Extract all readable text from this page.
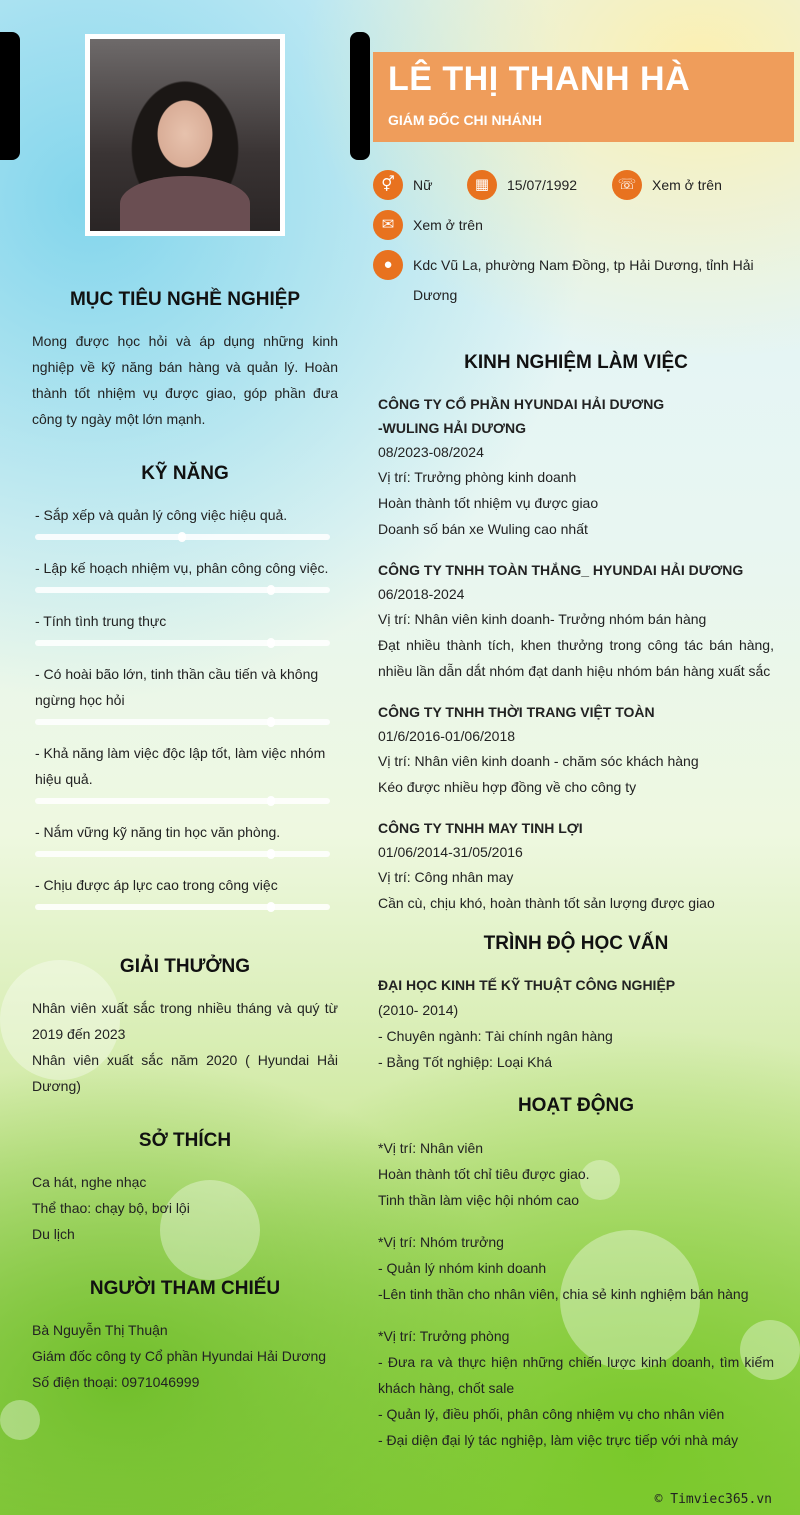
LÊ THỊ THANH HÀ
GIÁM ĐỐC CHI NHÁNH
⚥	Nữ	▦	15/07/1992	☏	Xem ở trên
✉	Xem ở trên
●	Kdc Vũ La, phường Nam Đồng, tp Hải Dương, tỉnh Hải
Dương
MỤC TIÊU NGHỀ NGHIỆP
Mong được học hỏi và áp dụng những kinh nghiệp về kỹ năng bán hàng và quản lý. Hoàn thành tốt nhiệm vụ được giao, góp phần đưa công ty ngày một lớn mạnh.
KỸ NĂNG
- Sắp xếp và quản lý công việc hiệu quả.
- Lập kế hoạch nhiệm vụ, phân công công việc.
- Tính tình trung thực
- Có hoài bão lớn, tinh thần cầu tiến và không
ngừng học hỏi
- Khả năng làm việc độc lập tốt, làm việc nhóm
hiệu quả.
- Nắm vững kỹ năng tin học văn phòng.
- Chịu được áp lực cao trong công việc
GIẢI THƯỞNG
Nhân viên xuất sắc trong nhiều tháng và quý từ 2019 đến 2023
Nhân viên xuất sắc năm 2020 ( Hyundai Hải Dương)
SỞ THÍCH
Ca hát, nghe nhạc
Thể thao: chạy bộ, bơi lội
Du lịch
NGƯỜI THAM CHIẾU
Bà Nguyễn Thị Thuận
Giám đốc công ty Cổ phần Hyundai Hải Dương
Số điện thoại: 0971046999
KINH NGHIỆM LÀM VIỆC
CÔNG TY CỔ PHẦN HYUNDAI HẢI DƯƠNG
-WULING HẢI DƯƠNG
08/2023-08/2024
Vị trí: Trưởng phòng kinh doanh
Hoàn thành tốt nhiệm vụ được giao
Doanh số bán xe Wuling cao nhất
CÔNG TY TNHH TOÀN THẮNG_ HYUNDAI HẢI DƯƠNG
06/2018-2024
Vị trí: Nhân viên kinh doanh- Trưởng nhóm bán hàng
Đạt nhiều thành tích, khen thưởng trong công tác bán hàng, nhiều lần dẫn dắt nhóm đạt danh hiệu nhóm bán hàng xuất sắc
CÔNG TY TNHH THỜI TRANG VIỆT TOÀN
01/6/2016-01/06/2018
Vị trí: Nhân viên kinh doanh - chăm sóc khách hàng
Kéo được nhiều hợp đồng về cho công ty
CÔNG TY TNHH MAY TINH LỢI
01/06/2014-31/05/2016
Vị trí: Công nhân may
Cần cù, chịu khó, hoàn thành tốt sản lượng được giao
TRÌNH ĐỘ HỌC VẤN
ĐẠI HỌC KINH TẾ KỸ THUẬT CÔNG NGHIỆP
(2010- 2014)
- Chuyên ngành: Tài chính ngân hàng
- Bằng Tốt nghiệp: Loại Khá
HOẠT ĐỘNG
*Vị trí: Nhân viên
Hoàn thành tốt chỉ tiêu được giao.
Tinh thần làm việc hội nhóm cao
*Vị trí: Nhóm trưởng
- Quản lý nhóm kinh doanh
-Lên tinh thần cho nhân viên, chia sẻ kinh nghiệm bán hàng
*Vị trí: Trưởng phòng
- Đưa ra và thực hiện những chiến lược kinh doanh, tìm kiếm khách hàng, chốt sale
- Quản lý, điều phối, phân công nhiệm vụ cho nhân viên
- Đại diện đại lý tác nghiệp, làm việc trực tiếp với nhà máy
© Timviec365.vn
